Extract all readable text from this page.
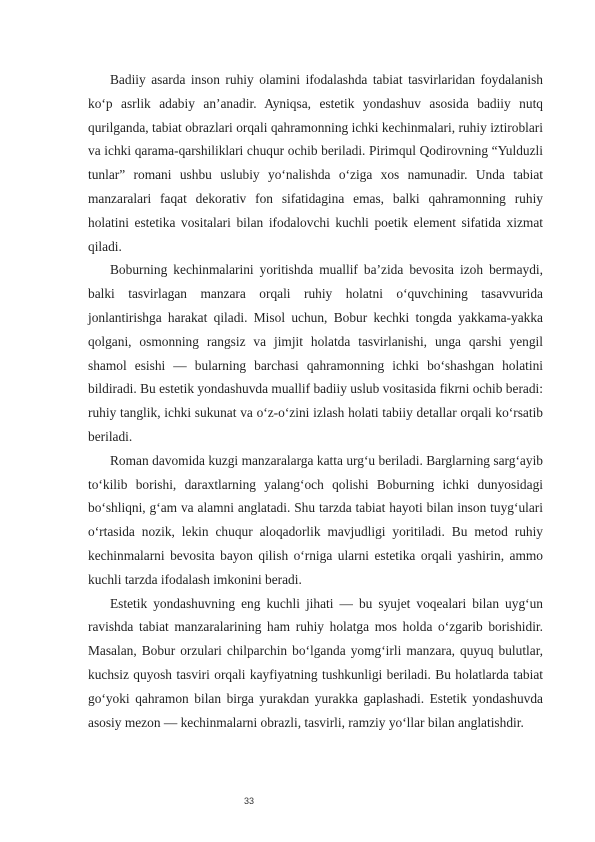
Badiiy asarda inson ruhiy olamini ifodalashda tabiat tasvirlaridan foydalanish ko‘p asrlik adabiy an’anadir. Ayniqsa, estetik yondashuv asosida badiiy nutq qurilganda, tabiat obrazlari orqali qahramonning ichki kechinmalari, ruhiy iztiroblari va ichki qarama-qarshiliklari chuqur ochib beriladi. Pirimqul Qodirovning “Yulduzli tunlar” romani ushbu uslubiy yo‘nalishda o‘ziga xos namunadir. Unda tabiat manzaralari faqat dekorativ fon sifatidagina emas, balki qahramonning ruhiy holatini estetika vositalari bilan ifodalovchi kuchli poetik element sifatida xizmat qiladi.

Boburning kechinmalarini yoritishda muallif ba’zida bevosita izoh bermaydi, balki tasvirlagan manzara orqali ruhiy holatni o‘quvchining tasavvurida jonlantirishga harakat qiladi. Misol uchun, Bobur kechki tongda yakkama-yakka qolgani, osmonning rangsiz va jimjit holatda tasvirlanishi, unga qarshi yengil shamol esishi — bularning barchasi qahramonning ichki bo‘shashgan holatini bildiradi. Bu estetik yondashuvda muallif badiiy uslub vositasida fikrni ochib beradi: ruhiy tanglik, ichki sukunat va o‘z-o‘zini izlash holati tabiiy detallar orqali ko‘rsatib beriladi.

Roman davomida kuzgi manzaralarga katta urg‘u beriladi. Barglarning sarg‘ayib to‘kilib borishi, daraxtlarning yalang‘och qolishi Boburning ichki dunyosidagi bo‘shliqni, g‘am va alamni anglatadi. Shu tarzda tabiat hayoti bilan inson tuyg‘ulari o‘rtasida nozik, lekin chuqur aloqadorlik mavjudligi yoritiladi. Bu metod ruhiy kechinmalarni bevosita bayon qilish o‘rniga ularni estetika orqali yashirin, ammo kuchli tarzda ifodalash imkonini beradi.

Estetik yondashuvning eng kuchli jihati — bu syujet voqealari bilan uyg‘un ravishda tabiat manzaralarining ham ruhiy holatga mos holda o‘zgarib borishidir. Masalan, Bobur orzulari chilparchin bo‘lganda yomg‘irli manzara, quyuq bulutlar, kuchsiz quyosh tasviri orqali kayfiyatning tushkunligi beriladi. Bu holatlarda tabiat go‘yoki qahramon bilan birga yurakdan yurakka gaplashadi. Estetik yondashuvda asosiy mezon — kechinmalarni obrazli, tasvirli, ramziy yo‘llar bilan anglatishdir.

33
